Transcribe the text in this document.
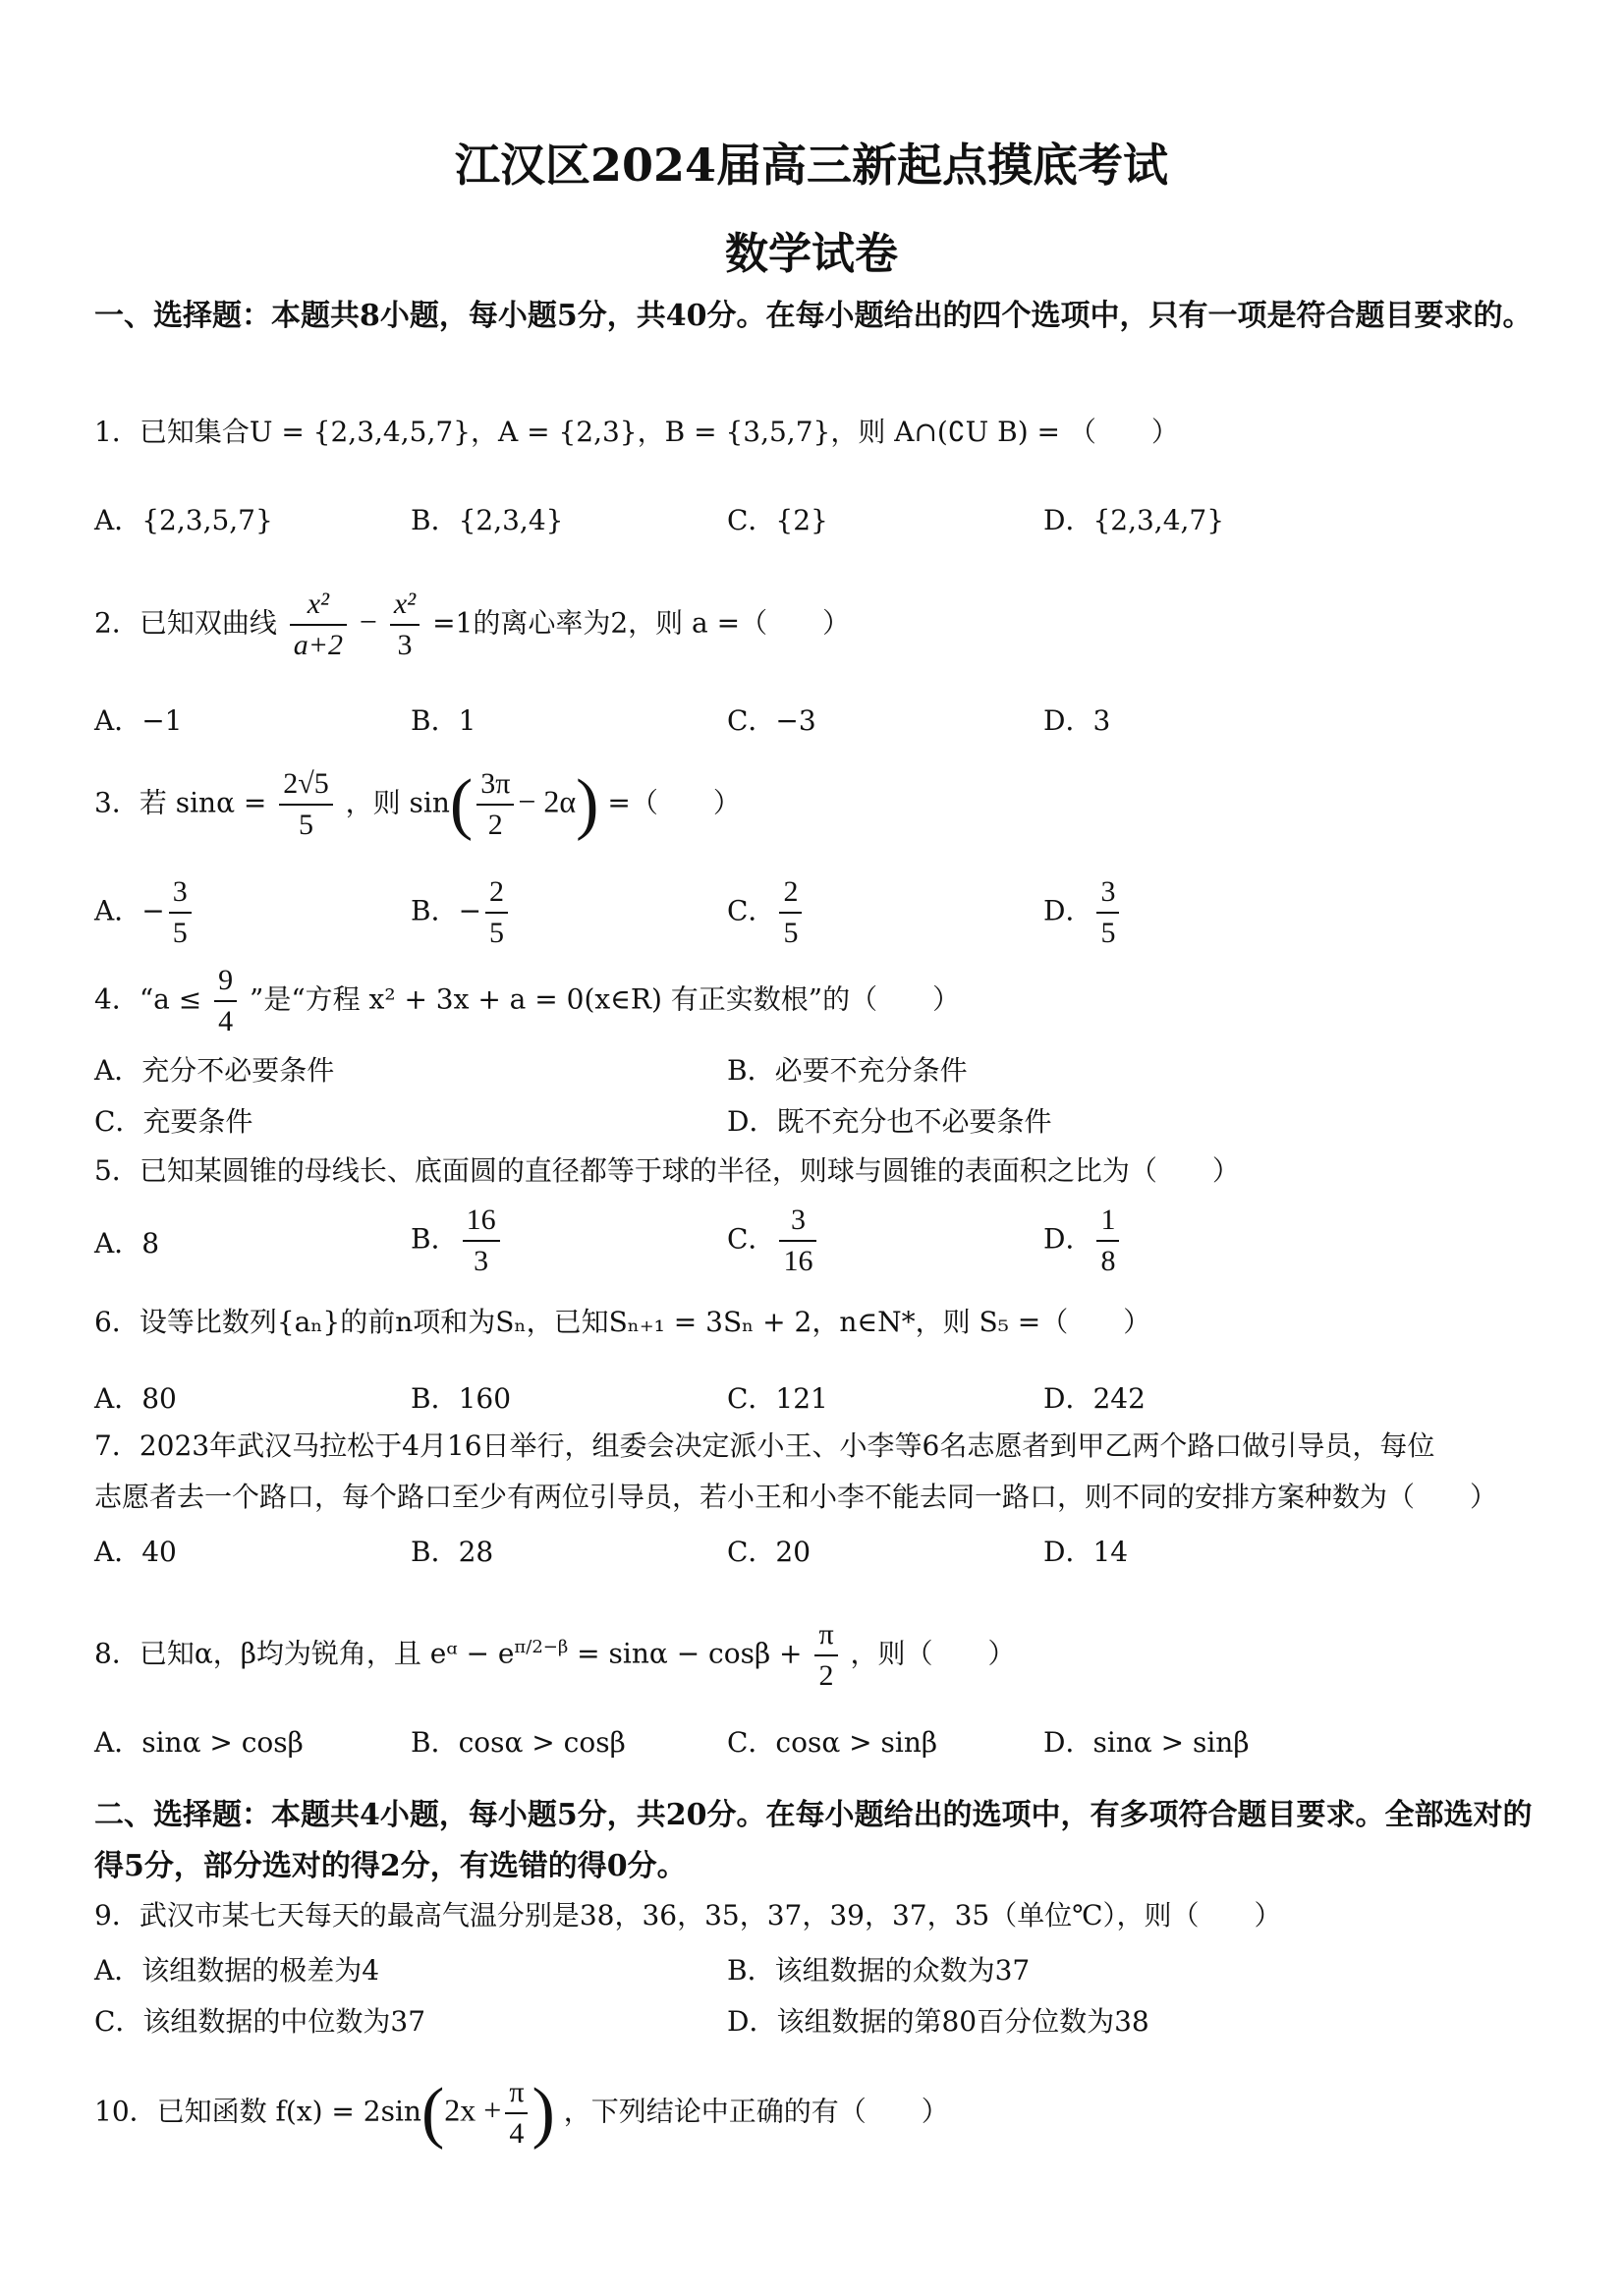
江汉区2024届高三新起点摸底考试
数学试卷
一、选择题：本题共8小题，每小题5分，共40分。在每小题给出的四个选项中，只有一项是符合题目要求的。
1．已知集合U = {2,3,4,5,7}，A = {2,3}，B = {3,5,7}，则 A∩(∁U B) = （　　）
A．{2,3,5,7}	B．{2,3,4}	C．{2}	D．{2,3,4,7}
2．已知双曲线 $\frac{\text{x²}}{a+2} - \frac{\text{x²}}{3} =1$的离心率为2，则 a =（　　）
A．−1	B．1	C．−3	D．3
3．若 $\sin\alpha = \frac{2√5}{5}$ ，则 $\sin( \frac{3\pi}{2} - 2\alpha)$ =（　　）
A．− $\frac{3}{5}$	B．− $\frac{2}{5}$	C． $\frac{2}{5}$	D． $\frac{3}{5}$
4．“$a \le \frac{9}{4}$ ”是“方程 x² + 3x + a = 0(x∈R) 有正实数根”的（　　）
A．充分不必要条件	B．必要不充分条件
C．充要条件	D．既不充分也不必要条件
5．已知某圆锥的母线长、底面圆的直径都等于球的半径，则球与圆锥的表面积之比为（　　）
A．8	B． $\frac{16}{3}$	C． $\frac{3}{16}$	D． $\frac{1}{8}$
6．设等比数列{aₙ}的前n项和为Sₙ，已知Sₙ₊₁ = 3Sₙ + 2，n∈N*，则 S₅ =（　　）
A．80	B．160	C．121	D．242
7．2023年武汉马拉松于4月16日举行，组委会决定派小王、小李等6名志愿者到甲乙两个路口做引导员，每位
志愿者去一个路口，每个路口至少有两位引导员，若小王和小李不能去同一路口，则不同的安排方案种数为（　　）
A．40	B．28	C．20	D．14
8．已知α，β均为锐角，且 eᵅ − $e^{\pi/2-\beta} = \sin\alpha - \cos\beta + \frac{\pi}{2}$ ，则（　　）
A．sinα > cosβ	B．cosα > cosβ	C．cosα > sinβ	D．sinα > sinβ
二、选择题：本题共4小题，每小题5分，共20分。在每小题给出的选项中，有多项符合题目要求。全部选对的得5分，部分选对的得2分，有选错的得0分。
9．武汉市某七天每天的最高气温分别是38，36，35，37，39，37，35（单位℃），则（　　）
A．该组数据的极差为4	B．该组数据的众数为37
C．该组数据的中位数为37	D．该组数据的第80百分位数为38
10．已知函数 $f(x) = 2\sin(2x + \frac{\pi}{4}$ ) ，下列结论中正确的有（　　）
